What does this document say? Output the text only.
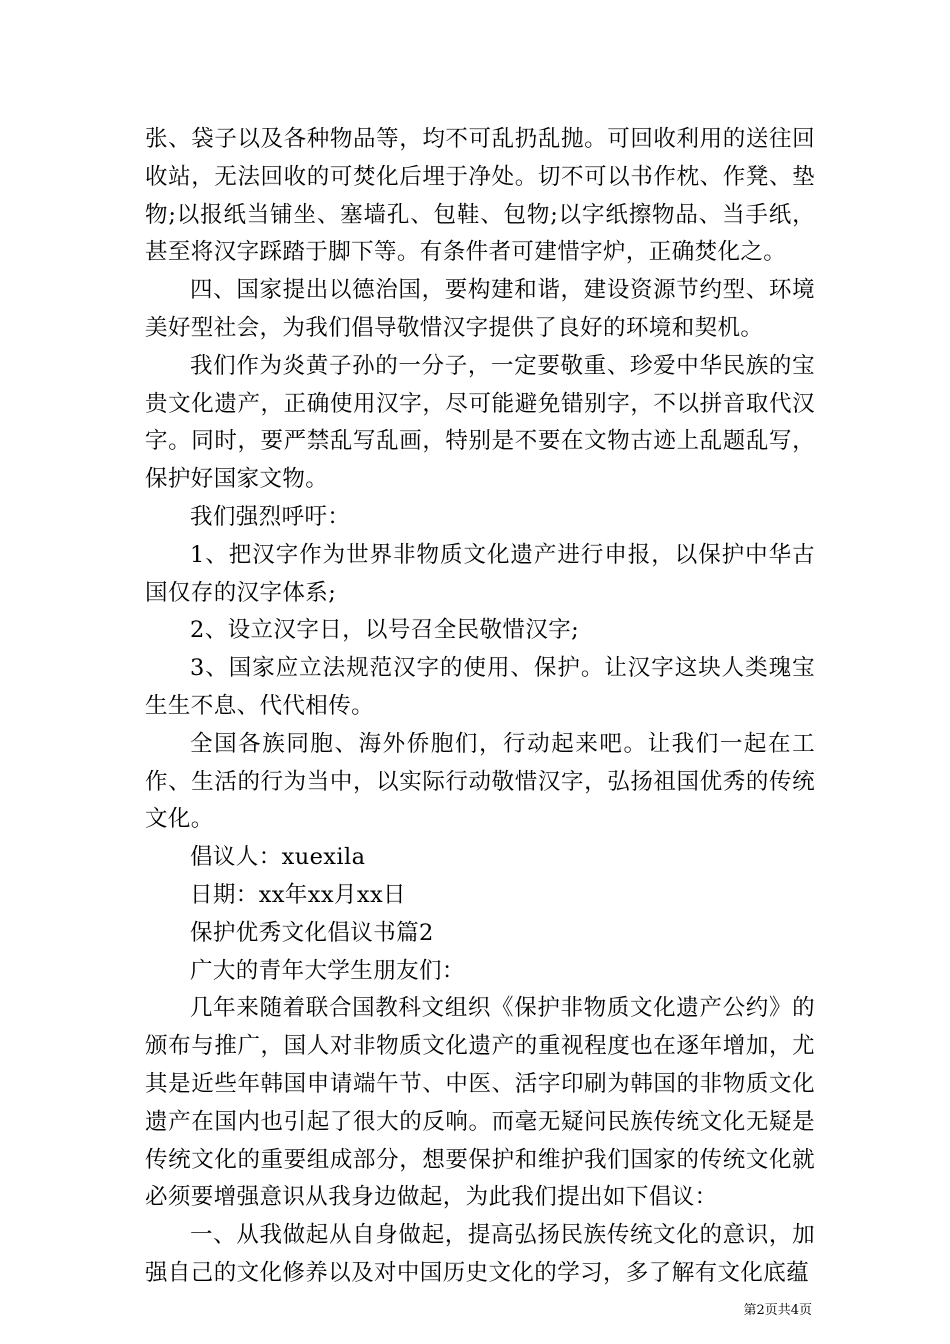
张、袋子以及各种物品等，均不可乱扔乱抛。可回收利用的送往回收站，无法回收的可焚化后埋于净处。切不可以书作枕、作凳、垫物;以报纸当铺坐、塞墙孔、包鞋、包物;以字纸擦物品、当手纸，甚至将汉字踩踏于脚下等。有条件者可建惜字炉，正确焚化之。

四、国家提出以德治国，要构建和谐，建设资源节约型、环境美好型社会，为我们倡导敬惜汉字提供了良好的环境和契机。

我们作为炎黄子孙的一分子，一定要敬重、珍爱中华民族的宝贵文化遗产，正确使用汉字，尽可能避免错别字，不以拼音取代汉字。同时，要严禁乱写乱画，特别是不要在文物古迹上乱题乱写，保护好国家文物。

我们强烈呼吁：

1、把汉字作为世界非物质文化遗产进行申报，以保护中华古国仅存的汉字体系;

2、设立汉字日，以号召全民敬惜汉字;

3、国家应立法规范汉字的使用、保护。让汉字这块人类瑰宝生生不息、代代相传。

全国各族同胞、海外侨胞们，行动起来吧。让我们一起在工作、生活的行为当中，以实际行动敬惜汉字，弘扬祖国优秀的传统文化。

倡议人：xuexila

日期：xx年xx月xx日

保护优秀文化倡议书篇2

广大的青年大学生朋友们：

几年来随着联合国教科文组织《保护非物质文化遗产公约》的颁布与推广，国人对非物质文化遗产的重视程度也在逐年增加，尤其是近些年韩国申请端午节、中医、活字印刷为韩国的非物质文化遗产在国内也引起了很大的反响。而毫无疑问民族传统文化无疑是传统文化的重要组成部分，想要保护和维护我们国家的传统文化就必须要增强意识从我身边做起，为此我们提出如下倡议：

一、从我做起从自身做起，提高弘扬民族传统文化的意识，加强自己的文化修养以及对中国历史文化的学习，多了解有文化底蕴

第2页共4页
